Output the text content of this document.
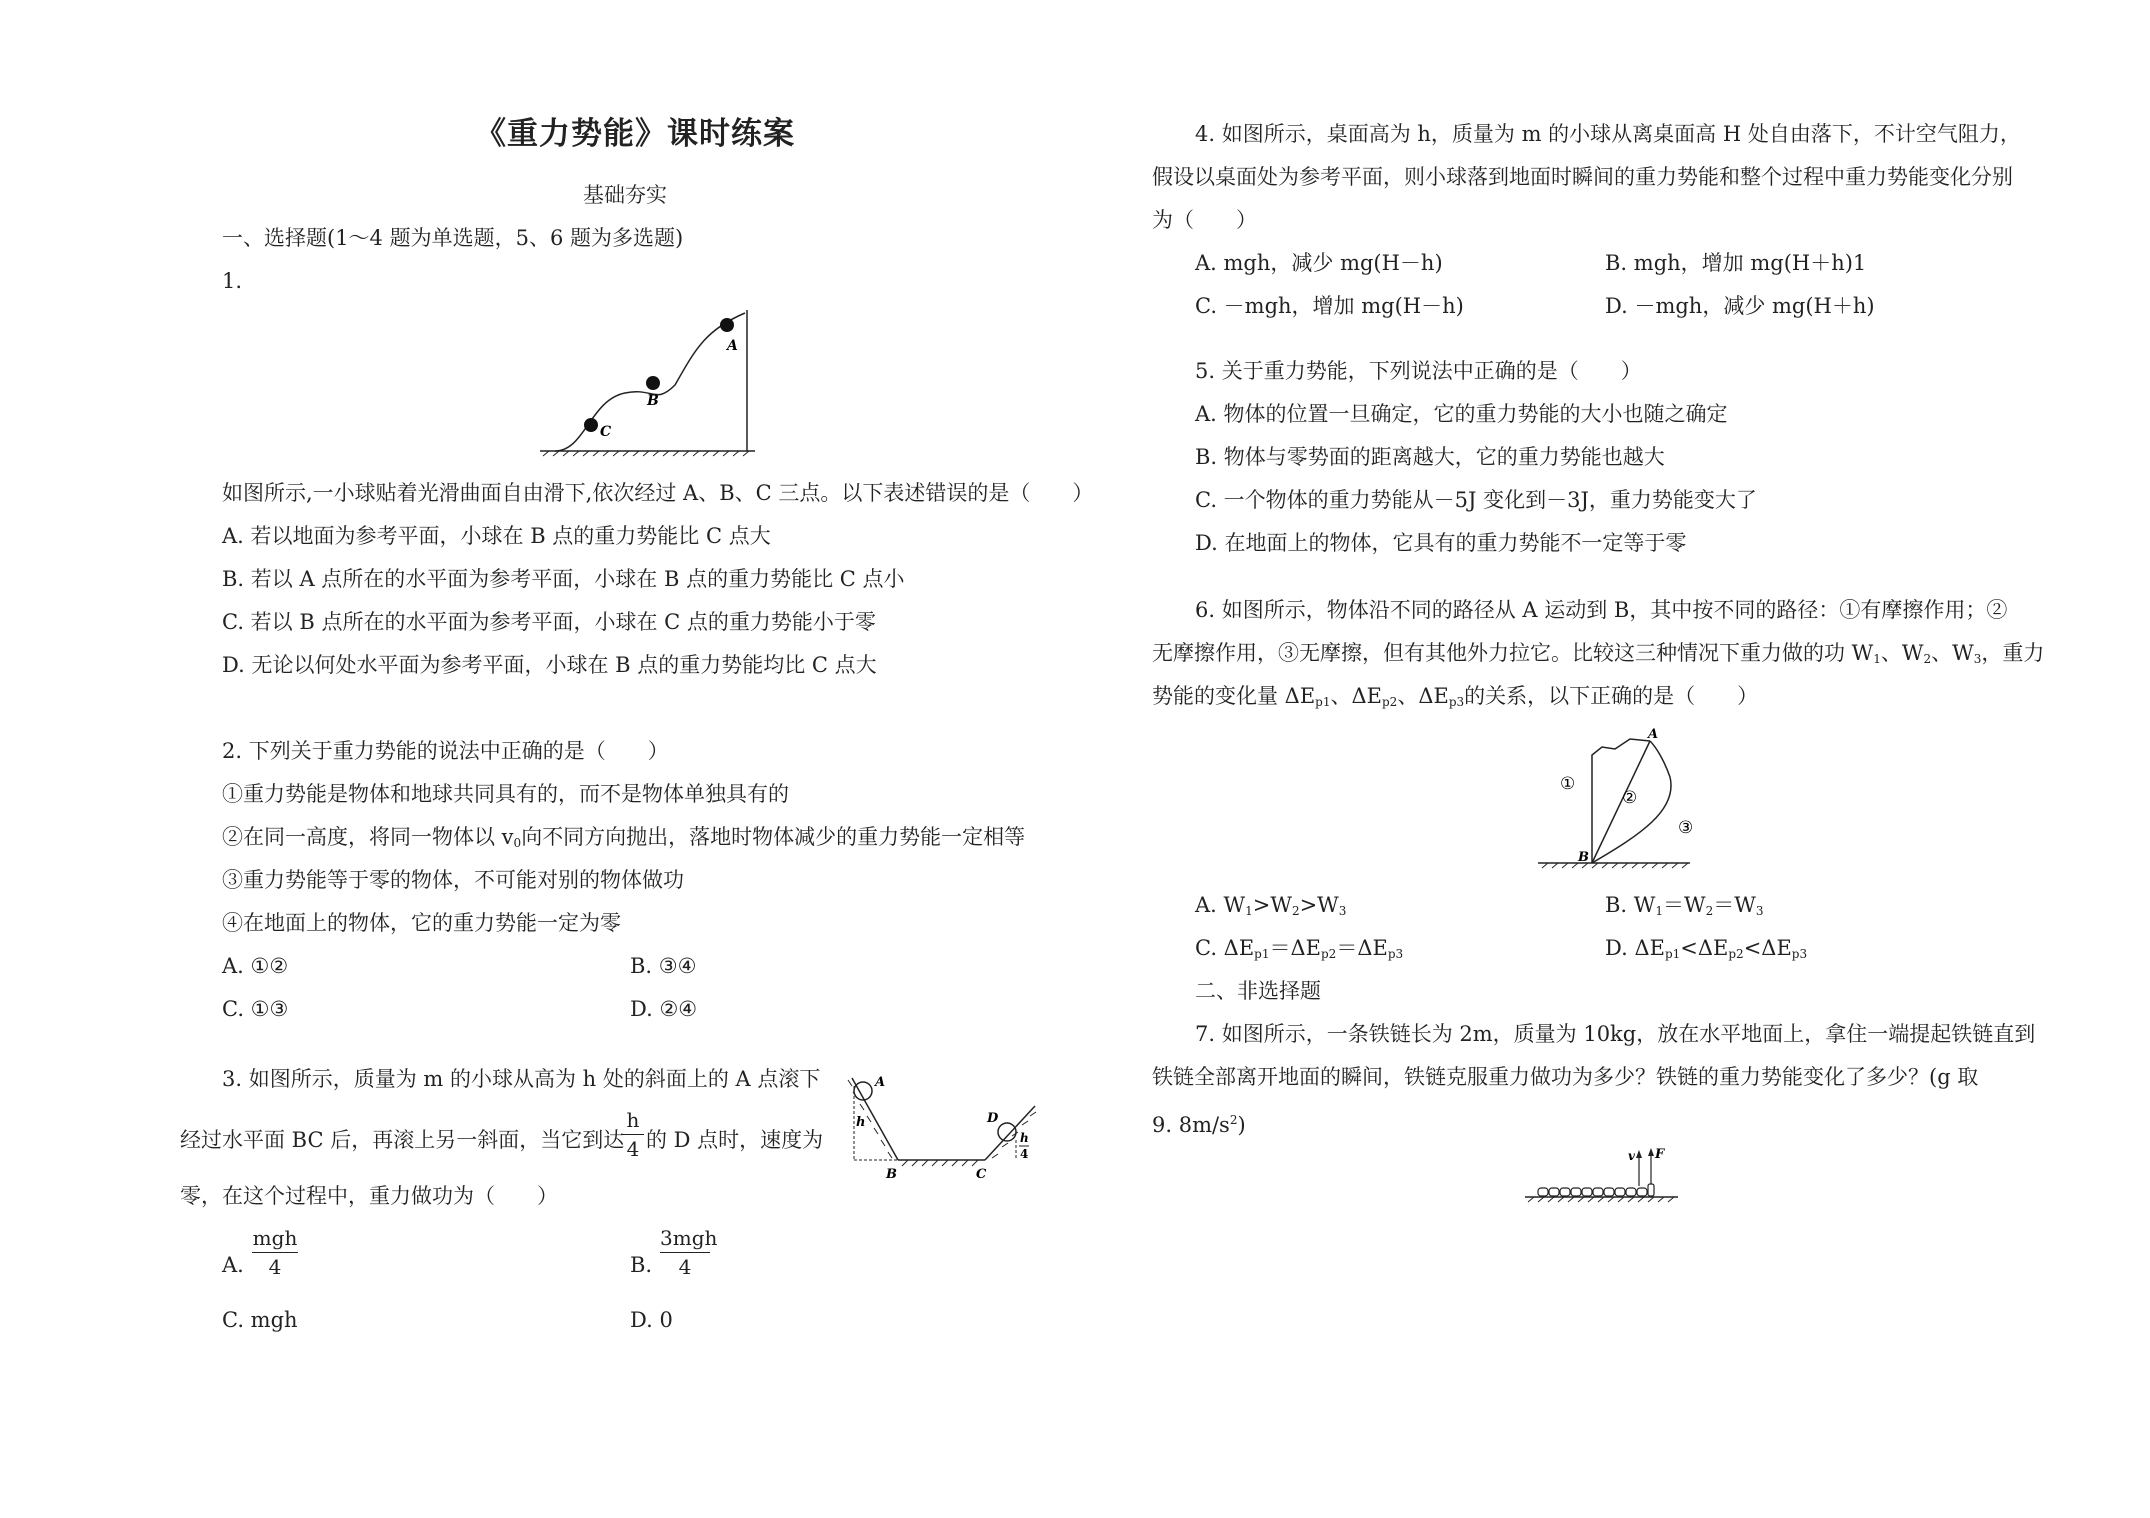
《重力势能》课时练案
基础夯实
一、选择题(1～4 题为单选题，5、6 题为多选题)
1.
C
B
A
如图所示,一小球贴着光滑曲面自由滑下,依次经过 A、B、C 三点。以下表述错误的是（　　）
A. 若以地面为参考平面，小球在 B 点的重力势能比 C 点大
B. 若以 A 点所在的水平面为参考平面，小球在 B 点的重力势能比 C 点小
C. 若以 B 点所在的水平面为参考平面，小球在 C 点的重力势能小于零
D. 无论以何处水平面为参考平面，小球在 B 点的重力势能均比 C 点大
2. 下列关于重力势能的说法中正确的是（　　）
①重力势能是物体和地球共同具有的，而不是物体单独具有的
②在同一高度，将同一物体以 $v_0$向不同方向抛出，落地时物体减少的重力势能一定相等
③重力势能等于零的物体，不可能对别的物体做功
④在地面上的物体，它的重力势能一定为零
A. ①②	B. ③④
C. ①③	D. ②④
3. 如图所示，质量为 m 的小球从高为 h 处的斜面上的 A 点滚下
经过水平面 BC 后，再滚上另一斜面，当它到达
h
4 的 D 点时，速度为
零，在这个过程中，重力做功为（　　）
A
h
B	C
D
h
4
A.
mgh
4	B.
3mgh
4
C. mgh	D. 0
4. 如图所示，桌面高为 h，质量为 m 的小球从离桌面高 H 处自由落下，不计空气阻力，
假设以桌面处为参考平面，则小球落到地面时瞬间的重力势能和整个过程中重力势能变化分别
为（　　）
A. mgh，减少 mg(H－h)	B. mgh，增加 mg(H＋h)1
C. －mgh，增加 mg(H－h)	D. －mgh，减少 mg(H＋h)
5. 关于重力势能，下列说法中正确的是（　　）
A. 物体的位置一旦确定，它的重力势能的大小也随之确定
B. 物体与零势面的距离越大，它的重力势能也越大
C. 一个物体的重力势能从－5J 变化到－3J，重力势能变大了
D. 在地面上的物体，它具有的重力势能不一定等于零
6. 如图所示，物体沿不同的路径从 A 运动到 B，其中按不同的路径：①有摩擦作用；②
无摩擦作用，③无摩擦，但有其他外力拉它。比较这三种情况下重力做的功 $W_1$、$W_2$、$W_3$，重力
势能的变化量 $\Delta E_{p1}$、$\Delta E_{p2}$、$\Delta E_{p3}$的关系，以下正确的是（　　）
A
B
①
②
③
A. $W_1>W_2>W_3$	B. $W_1=W_2=W_3$
C. $\Delta E_{p1}=\Delta E_{p2}=\Delta E_{p3}$	D. $\Delta E_{p1}<\Delta E_{p2}<\Delta E_{p3}$
二、非选择题
7. 如图所示，一条铁链长为 2m，质量为 10kg，放在水平地面上，拿住一端提起铁链直到
铁链全部离开地面的瞬间，铁链克服重力做功为多少？铁链的重力势能变化了多少？(g 取
9. $8m/s^2$)
v F
